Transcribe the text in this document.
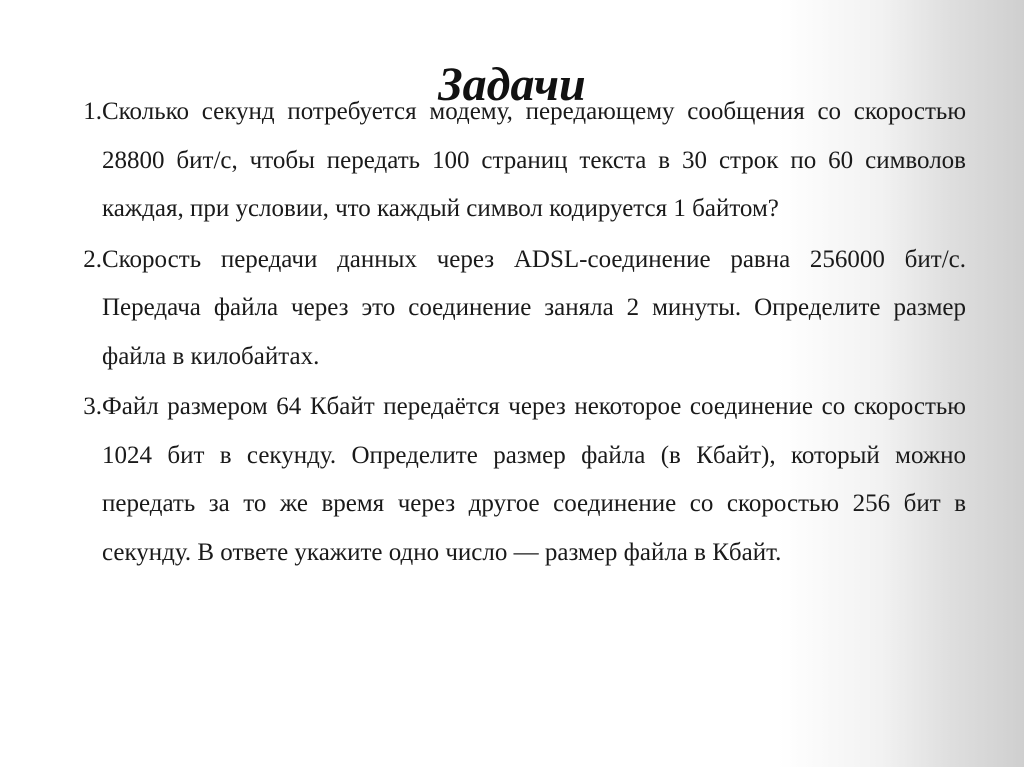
Задачи
1. Сколько секунд потребуется модему, передающему сообщения со скоростью 28800 бит/с, чтобы передать 100 страниц текста в 30 строк по 60 символов каждая, при условии, что каждый символ кодируется 1 байтом?
2. Скорость передачи данных через ADSL-соединение равна 256000 бит/c. Передача файла через это соединение заняла 2 минуты. Определите размер файла в килобайтах.
3. Файл размером 64 Кбайт передаётся через некоторое соединение со скоростью 1024 бит в секунду. Определите размер файла (в Кбайт), который можно передать за то же время через другое соединение со скоростью 256 бит в секунду. В ответе укажите одно число — размер файла в Кбайт.
